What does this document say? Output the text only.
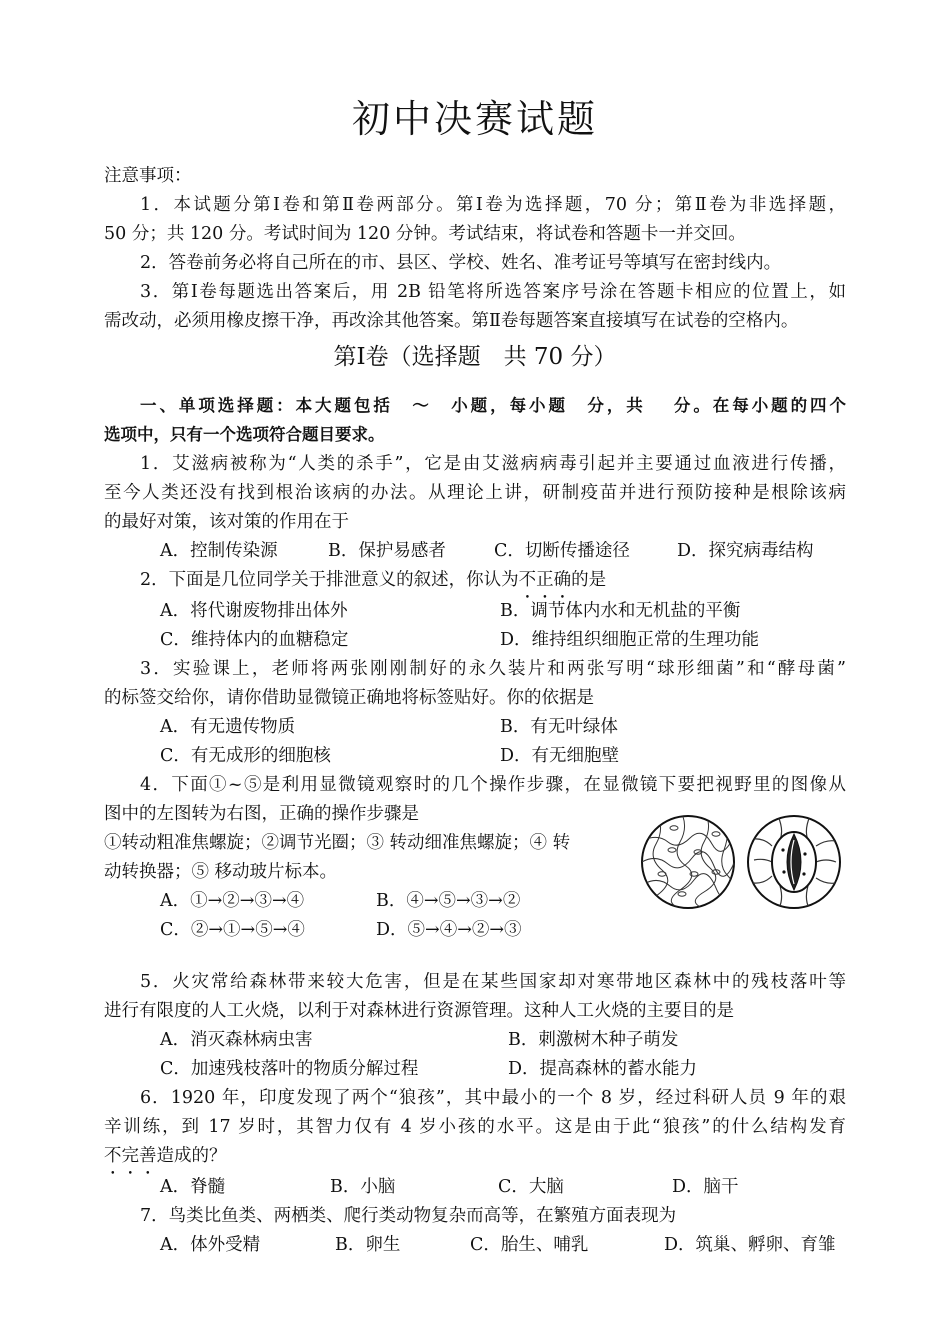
初中决赛试题
注意事项：
1．本试题分第Ⅰ卷和第Ⅱ卷两部分。第Ⅰ卷为选择题，70 分；第Ⅱ卷为非选择题，
50 分；共 120 分。考试时间为 120 分钟。考试结束，将试卷和答题卡一并交回。
2．答卷前务必将自己所在的市、县区、学校、姓名、准考证号等填写在密封线内。
3．第Ⅰ卷每题选出答案后，用 2B 铅笔将所选答案序号涂在答题卡相应的位置上，如
需改动，必须用橡皮擦干净，再改涂其他答案。第Ⅱ卷每题答案直接填写在试卷的空格内。
第Ⅰ卷（选择题　共 70 分）
一、单项选择题：本大题包括　～　小题，每小题　分，共　 分。在每小题的四个
选项中，只有一个选项符合题目要求。
1．艾滋病被称为“人类的杀手”，它是由艾滋病病毒引起并主要通过血液进行传播，
至今人类还没有找到根治该病的办法。从理论上讲，研制疫苗并进行预防接种是根除该病
的最好对策，该对策的作用在于
A．控制传染源	B．保护易感者	C．切断传播途径	D．探究病毒结构
2．下面是几位同学关于排泄意义的叙述，你认为不正确的是
A．将代谢废物排出体外	B．调节体内水和无机盐的平衡
C．维持体内的血糖稳定	D．维持组织细胞正常的生理功能
3．实验课上，老师将两张刚刚制好的永久装片和两张写明“球形细菌”和“酵母菌”
的标签交给你，请你借助显微镜正确地将标签贴好。你的依据是
A．有无遗传物质	B．有无叶绿体
C．有无成形的细胞核	D．有无细胞壁
4．下面①~⑤是利用显微镜观察时的几个操作步骤，在显微镜下要把视野里的图像从
图中的左图转为右图，正确的操作步骤是
①转动粗准焦螺旋；②调节光圈；③ 转动细准焦螺旋；④ 转
动转换器；⑤ 移动玻片标本。
A．①→②→③→④	B．④→⑤→③→②
C．②→①→⑤→④	D．⑤→④→②→③
5．火灾常给森林带来较大危害，但是在某些国家却对寒带地区森林中的残枝落叶等
进行有限度的人工火烧，以利于对森林进行资源管理。这种人工火烧的主要目的是
A．消灭森林病虫害	B．刺激树木种子萌发
C．加速残枝落叶的物质分解过程	D．提高森林的蓄水能力
6．1920 年，印度发现了两个“狼孩”，其中最小的一个 8 岁，经过科研人员 9 年的艰
辛训练，到 17 岁时，其智力仅有 4 岁小孩的水平。这是由于此“狼孩”的什么结构发育
不完善造成的？
A．脊髓	B．小脑	C．大脑	D．脑干
7．鸟类比鱼类、两栖类、爬行类动物复杂而高等，在繁殖方面表现为
A．体外受精	B．卵生	C．胎生、哺乳	D．筑巢、孵卵、育雏
